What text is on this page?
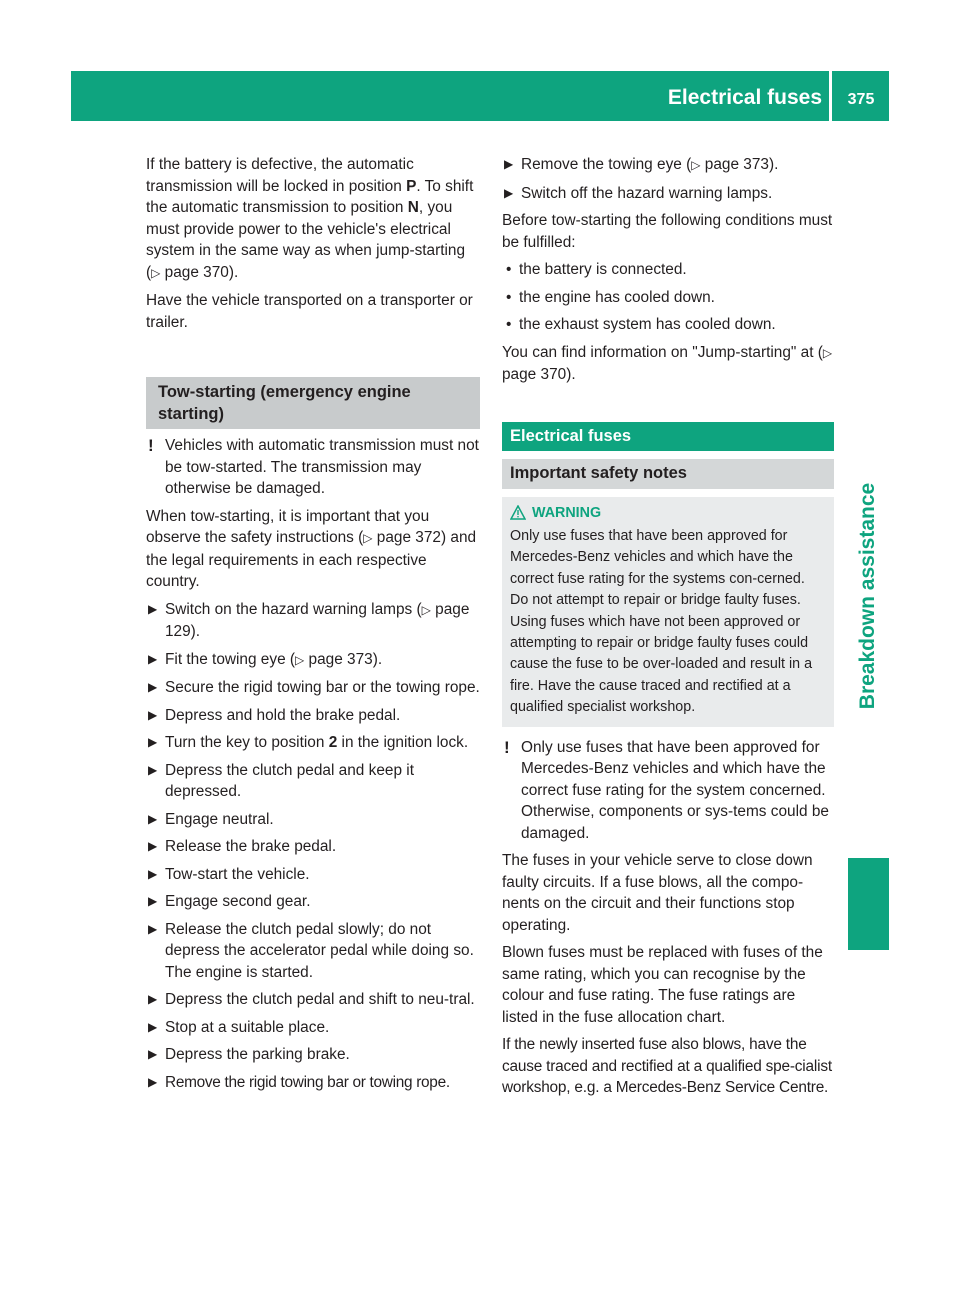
Electrical fuses	375
Breakdown assistance

If the battery is defective, the automatic transmission will be locked in position P. To shift the automatic transmission to position N, you must provide power to the vehicle's electrical system in the same way as when jump-starting (▷ page 370).

Have the vehicle transported on a transporter or trailer.

Tow-starting (emergency engine starting)
! Vehicles with automatic transmission must not be tow-started. The transmission may otherwise be damaged.

When tow-starting, it is important that you observe the safety instructions (▷ page 372) and the legal requirements in each respective country.

▶ Switch on the hazard warning lamps (▷ page 129).
▶ Fit the towing eye (▷ page 373).
▶ Secure the rigid towing bar or the towing rope.
▶ Depress and hold the brake pedal.
▶ Turn the key to position 2 in the ignition lock.
▶ Depress the clutch pedal and keep it depressed.
▶ Engage neutral.
▶ Release the brake pedal.
▶ Tow-start the vehicle.
▶ Engage second gear.
▶ Release the clutch pedal slowly; do not depress the accelerator pedal while doing so.
The engine is started.
▶ Depress the clutch pedal and shift to neu-tral.
▶ Stop at a suitable place.
▶ Depress the parking brake.
▶ Remove the rigid towing bar or towing rope.
▶ Remove the towing eye (▷ page 373).
▶ Switch off the hazard warning lamps.

Before tow-starting the following conditions must be fulfilled:

• the battery is connected.
• the engine has cooled down.
• the exhaust system has cooled down.

You can find information on "Jump-starting" at (▷ page 370).

Electrical fuses
Important safety notes
WARNING
Only use fuses that have been approved for Mercedes-Benz vehicles and which have the correct fuse rating for the systems con-cerned. Do not attempt to repair or bridge faulty fuses. Using fuses which have not been approved or attempting to repair or bridge faulty fuses could cause the fuse to be over-loaded and result in a fire. Have the cause traced and rectified at a qualified specialist workshop.
! Only use fuses that have been approved for Mercedes-Benz vehicles and which have the correct fuse rating for the system concerned. Otherwise, components or sys-tems could be damaged.

The fuses in your vehicle serve to close down faulty circuits. If a fuse blows, all the compo-nents on the circuit and their functions stop operating.

Blown fuses must be replaced with fuses of the same rating, which you can recognise by the colour and fuse rating. The fuse ratings are listed in the fuse allocation chart.

If the newly inserted fuse also blows, have the cause traced and rectified at a qualified spe-cialist workshop, e.g. a Mercedes-Benz Service Centre.
